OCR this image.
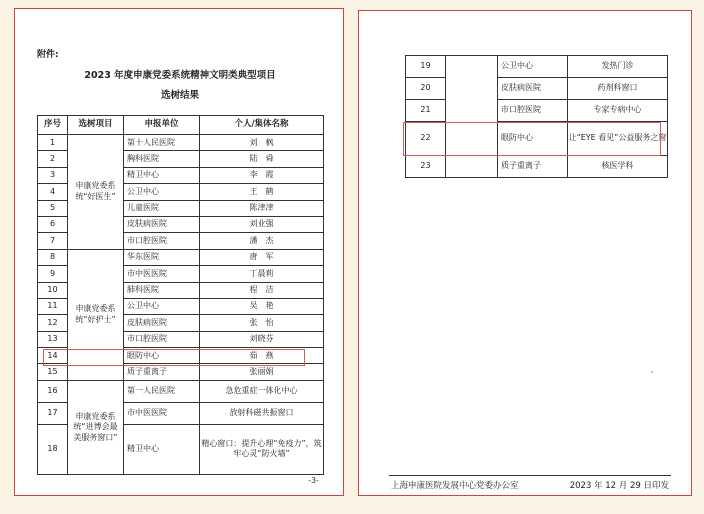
附件:
2023 年度申康党委系统精神文明类典型项目
选树结果
序号	选树项目	申报单位	个人/集体名称
1	申康党委系统“好医生”	第十人民医院	刘　枫
2		胸科医院	陆　舜
3		精卫中心	李　霞
4		公卫中心	王　鹤
5		儿童医院	陈津津
6		皮肤病医院	刘业强
7		市口腔医院	潘　杰
8	申康党委系统“好护士”	华东医院	唐　军
9		市中医医院	丁晨莉
10		肺科医院	程　洁
11		公卫中心	吴　艳
12		皮肤病医院	张　怡
13		市口腔医院	刘晓芬
14		眼防中心	茹　燕
15		质子重离子	张丽娟
16	申康党委系统“进博会最美服务窗口”	第一人民医院	急危重症一体化中心
17		市中医医院	放射科磁共振窗口
18		精卫中心	精心窗口：提升心理“免疫力”，筑牢心灵“防火墙”
-3-
19		公卫中心	发热门诊
20		皮肤病医院	药剂科窗口
21		市口腔医院	专家专病中心
22		眼防中心	让“EYE 看见”公益服务之窗
23		质子重离子	核医学科
上海申康医院发展中心党委办公室	2023 年 12 月 29 日印发
